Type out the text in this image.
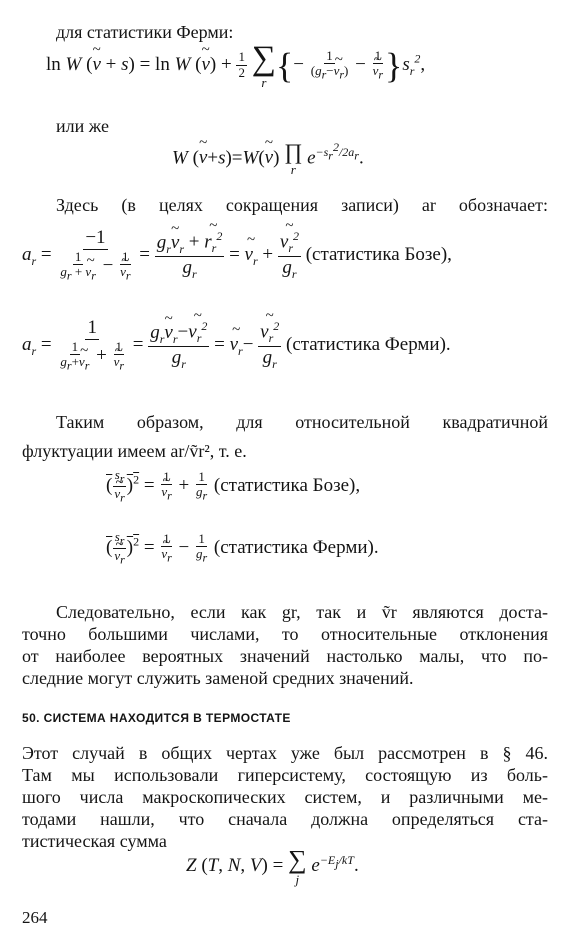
для статистики Ферми:
ln W (~ ν + s) = ln W (~ $\nu) + \frac{1}{2}$
∑
r {− $\frac{1}{(g_r-\sim \nu_r)} - 1$
~ $\nu_r$ }$s_r^2$,
или же
W (~ ν+s)=W(~ ν) ∏
r
$e^{-s_r^2/2a_r}$.
Здесь (в целях сокращения записи) ar обозначает:
$a_r = -1$
$\frac{1}{g_r + \sim \nu_r} - 1$
~ $\nu_r = \frac{g_r\sim \nu_r + \sim r_r^2}{g_r}$ = ~ $\nu_r$ + ~ $\frac{\nu_r^2}{g_r}$ (статистика Бозе),
$a_r = 1$
$\frac{1}{g_r+\sim \nu_r} + 1$
~ $\nu_r = \frac{g_r\sim \nu_r-\sim \nu_r^2}{g_r}$ = ~ $\nu_r-$ ~ $\frac{\nu_r^2}{g_r}$ (статистика Ферми).
Таким образом, для относительной квадратичной
флуктуации имеем ar/ṽr², т. е.
( $s_r$
~ $\nu_r$ )$^2$ = 1
~ $\nu_r + \frac{1}{g_r}$ (статистика Бозе),
( $s_r$
~ $\nu_r$ )$^2$ = 1
~ $\nu_r - \frac{1}{g_r}$ (статистика Ферми).
Следовательно, если как gr, так и ṽr являются доста-
точно большими числами, то относительные отклонения
от наиболее вероятных значений настолько малы, что по-
следние могут служить заменой средних значений.
50. СИСТЕМА НАХОДИТСЯ В ТЕРМОСТАТЕ
Этот случай в общих чертах уже был рассмотрен в § 46.
Там мы использовали гиперсистему, состоящую из боль-
шого числа макроскопических систем, и различными ме-
тодами нашли, что сначала должна определяться ста-
тистическая сумма
Z (T, N, V) = ∑
j
$e^{-E_j/kT}$.
264
